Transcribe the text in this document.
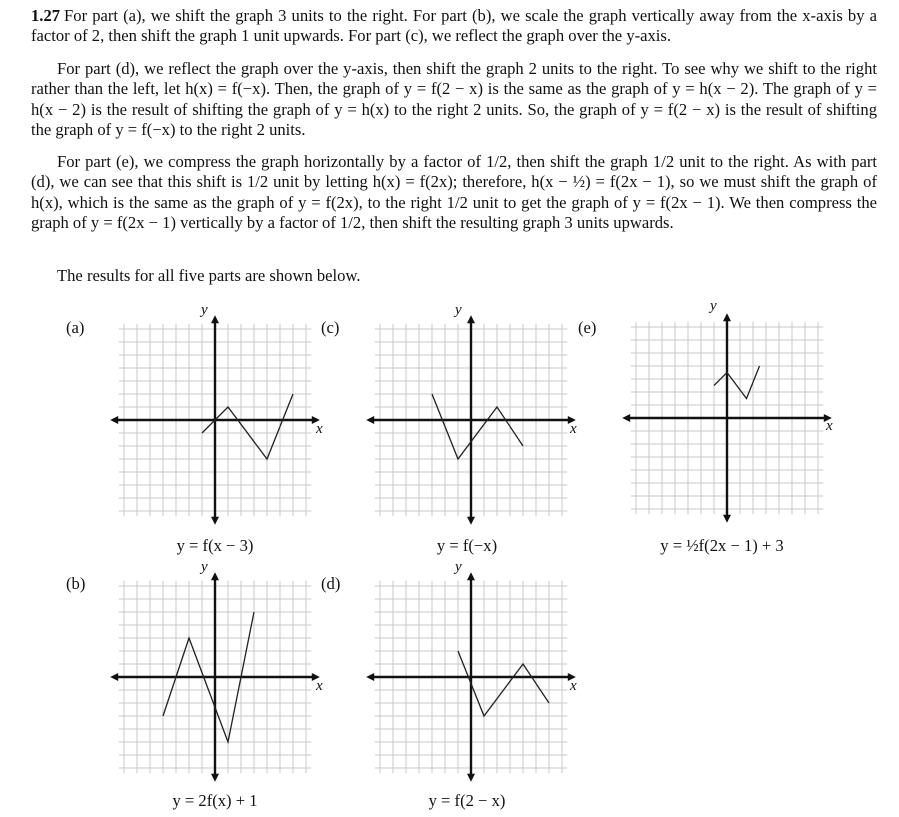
1.27 For part (a), we shift the graph 3 units to the right. For part (b), we scale the graph vertically away from the x-axis by a factor of 2, then shift the graph 1 unit upwards. For part (c), we reflect the graph over the y-axis.
For part (d), we reflect the graph over the y-axis, then shift the graph 2 units to the right. To see why we shift to the right rather than the left, let h(x) = f(−x). Then, the graph of y = f(2 − x) is the same as the graph of y = h(x − 2). The graph of y = h(x − 2) is the result of shifting the graph of y = h(x) to the right 2 units. So, the graph of y = f(2 − x) is the result of shifting the graph of y = f(−x) to the right 2 units.
For part (e), we compress the graph horizontally by a factor of 1/2, then shift the graph 1/2 unit to the right. As with part (d), we can see that this shift is 1/2 unit by letting h(x) = f(2x); therefore, h(x − ½) = f(2x − 1), so we must shift the graph of h(x), which is the same as the graph of y = f(2x), to the right 1/2 unit to get the graph of y = f(2x − 1). We then compress the graph of y = f(2x − 1) vertically by a factor of 1/2, then shift the resulting graph 3 units upwards.
The results for all five parts are shown below.
(a)	(c)	(e)
(b)	(d)
y
x
y
x
y
x
y
x
y
x
y = f(x − 3)	y = f(−x)	y = ½f(2x − 1) + 3
y = 2f(x) + 1	y = f(2 − x)
